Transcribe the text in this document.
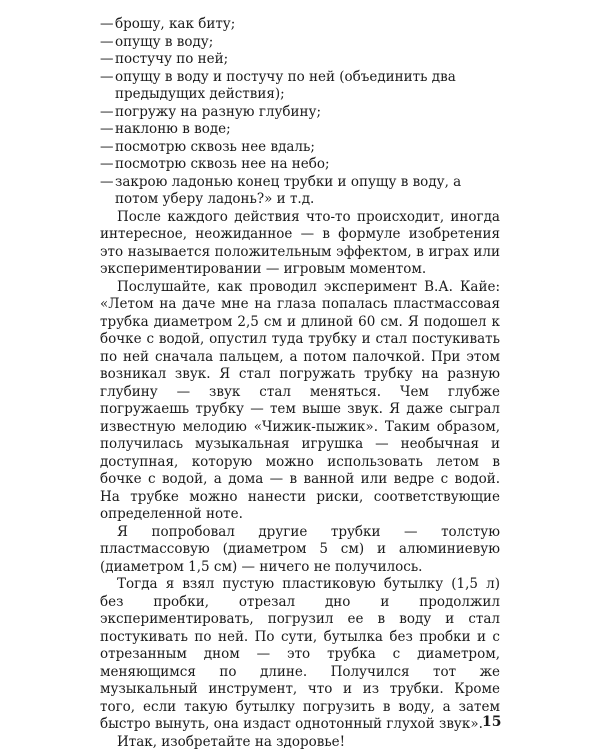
— брошу, как биту;
— опущу в воду;
— постучу по ней;
— опущу в воду и постучу по ней (объединить два предыдущих действия);
— погружу на разную глубину;
— наклоню в воде;
— посмотрю сквозь нее вдаль;
— посмотрю сквозь нее на небо;
— закрою ладонью конец трубки и опущу в воду, а потом уберу ладонь?» и т.д.

После каждого действия что-то происходит, иногда интересное, неожиданное — в формуле изобретения это называется положительным эффектом, в играх или экспериментировании — игровым моментом.

Послушайте, как проводил эксперимент В.А. Кайе: «Летом на даче мне на глаза попалась пластмассовая трубка диаметром 2,5 см и длиной 60 см. Я подошел к бочке с водой, опустил туда трубку и стал постукивать по ней сначала пальцем, а потом палочкой. При этом возникал звук. Я стал погружать трубку на разную глубину — звук стал меняться. Чем глубже погружаешь трубку — тем выше звук. Я даже сыграл известную мелодию «Чижик-пыжик». Таким образом, получилась музыкальная игрушка — необычная и доступная, которую можно использовать летом в бочке с водой, а дома — в ванной или ведре с водой. На трубке можно нанести риски, соответствующие определенной ноте.

Я попробовал другие трубки — толстую пластмассовую (диаметром 5 см) и алюминиевую (диаметром 1,5 см) — ничего не получилось.

Тогда я взял пустую пластиковую бутылку (1,5 л) без пробки, отрезал дно и продолжил экспериментировать, погрузил ее в воду и стал постукивать по ней. По сути, бутылка без пробки и с отрезанным дном — это трубка с диаметром, меняющимся по длине. Получился тот же музыкальный инструмент, что и из трубки. Кроме того, если такую бутылку погрузить в воду, а затем быстро вынуть, она издаст однотонный глухой звук».

Итак, изобретайте на здоровье!

15
